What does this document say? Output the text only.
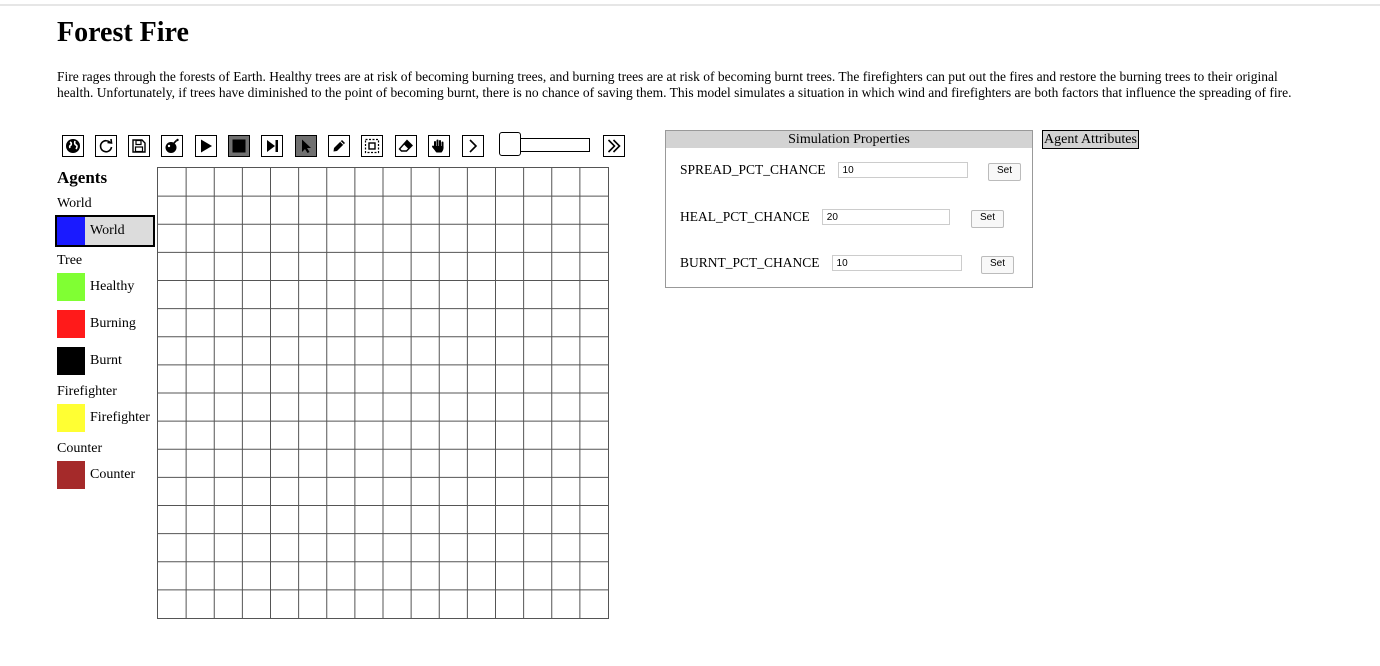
Forest Fire

Fire rages through the forests of Earth. Healthy trees are at risk of becoming burning trees, and burning trees are at risk of becoming burnt trees. The firefighters can put out the fires and restore the burning trees to their original health. Unfortunately, if trees have diminished to the point of becoming burnt, there is no chance of saving them. This model simulates a situation in which wind and firefighters are both factors that influence the spreading of fire.

Agents
World
World
Tree
Healthy
Burning
Burnt
Firefighter
Firefighter
Counter
Counter
Simulation Properties
SPREAD_PCT_CHANCE
10	Set
HEAL_PCT_CHANCE
20	Set
BURNT_PCT_CHANCE
10	Set
Agent Attributes
